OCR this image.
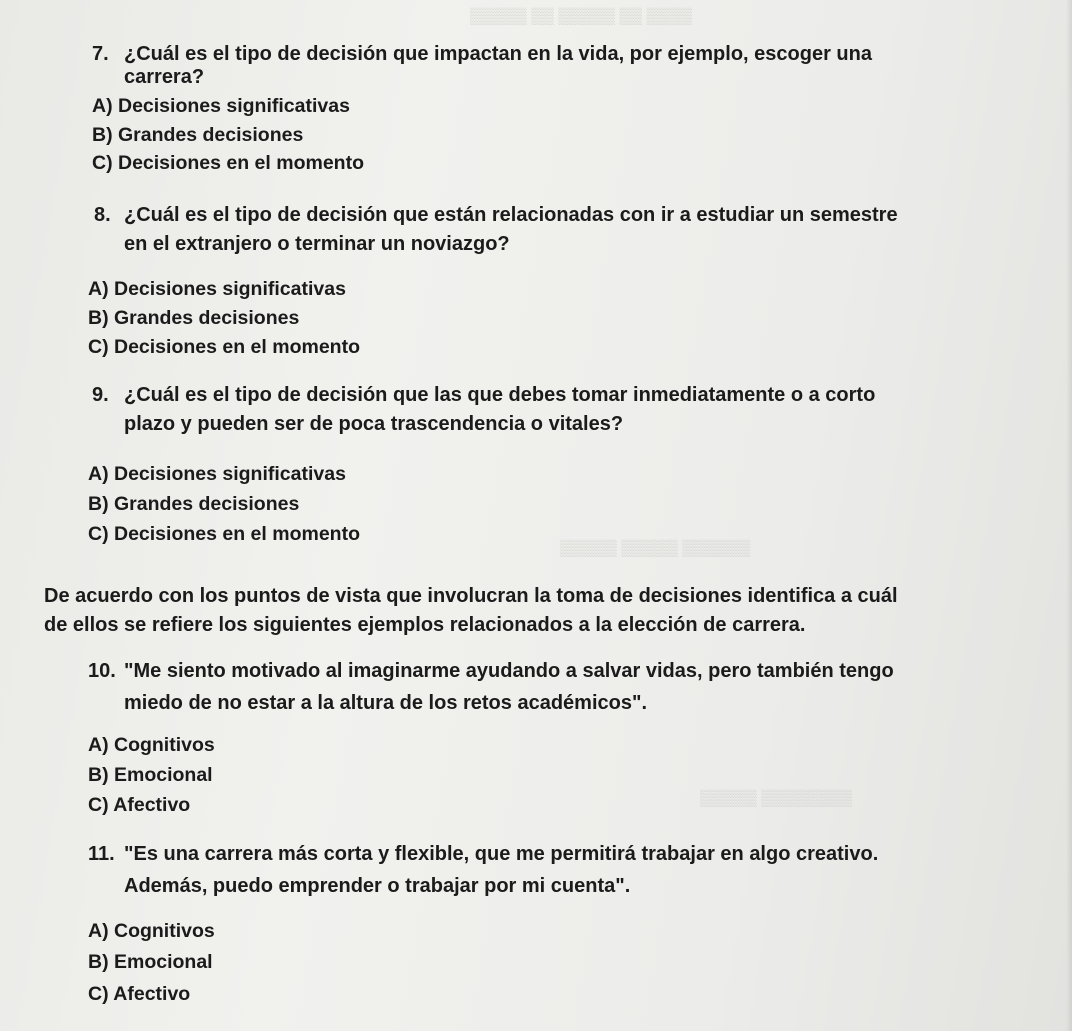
▒▒▒▒ ▒▒ ▒▒▒▒▒ ▒▒ ▒▒▒▒▒
▒▒▒▒▒▒ ▒▒▒▒▒ ▒▒▒▒▒
▒▒▒▒▒▒▒▒ ▒▒▒▒▒
7. ¿Cuál es el tipo de decisión que impactan en la vida, por ejemplo, escoger una
carrera?
A) Decisiones significativas
B) Grandes decisiones
C) Decisiones en el momento
8. ¿Cuál es el tipo de decisión que están relacionadas con ir a estudiar un semestre
en el extranjero o terminar un noviazgo?
A) Decisiones significativas
B) Grandes decisiones
C) Decisiones en el momento
9. ¿Cuál es el tipo de decisión que las que debes tomar inmediatamente o a corto
plazo y pueden ser de poca trascendencia o vitales?
A) Decisiones significativas
B) Grandes decisiones
C) Decisiones en el momento
De acuerdo con los puntos de vista que involucran la toma de decisiones identifica a cuál
de ellos se refiere los siguientes ejemplos relacionados a la elección de carrera.
10. "Me siento motivado al imaginarme ayudando a salvar vidas, pero también tengo
miedo de no estar a la altura de los retos académicos".
A) Cognitivos
B) Emocional
C) Afectivo
11. "Es una carrera más corta y flexible, que me permitirá trabajar en algo creativo.
Además, puedo emprender o trabajar por mi cuenta".
A) Cognitivos
B) Emocional
C) Afectivo
